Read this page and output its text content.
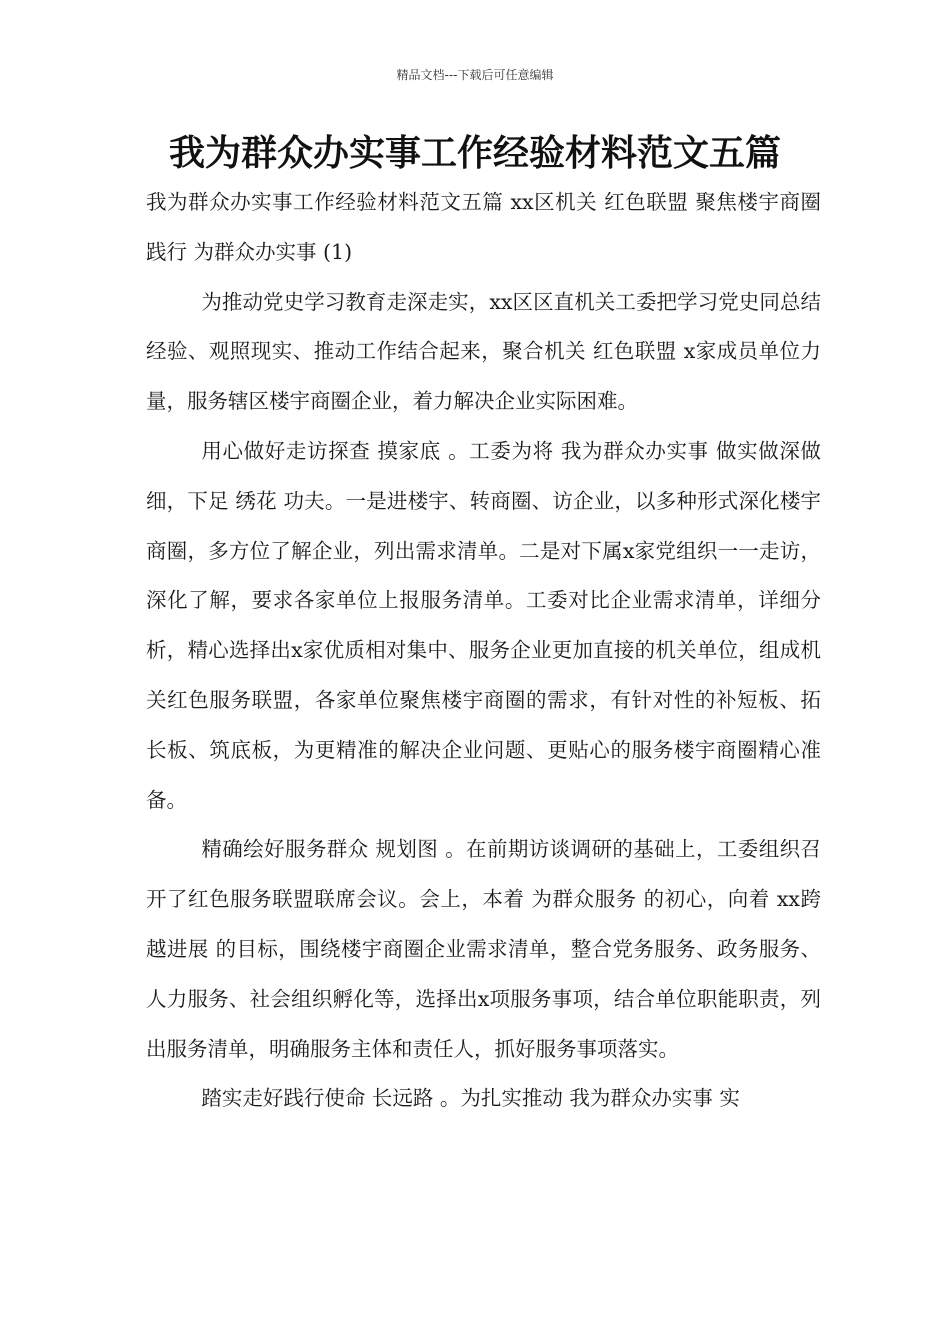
精品文档---下载后可任意编辑
我为群众办实事工作经验材料范文五篇

我为群众办实事工作经验材料范文五篇 xx区机关 红色联盟 聚焦楼宇商圈践行 为群众办实事 (1)

为推动党史学习教育走深走实，xx区区直机关工委把学习党史同总结经验、观照现实、推动工作结合起来，聚合机关 红色联盟 x家成员单位力量，服务辖区楼宇商圈企业，着力解决企业实际困难。

用心做好走访探查 摸家底 。工委为将 我为群众办实事 做实做深做细，下足 绣花 功夫。一是进楼宇、转商圈、访企业，以多种形式深化楼宇商圈，多方位了解企业，列出需求清单。二是对下属x家党组织一一走访，深化了解，要求各家单位上报服务清单。工委对比企业需求清单，详细分析，精心选择出x家优质相对集中、服务企业更加直接的机关单位，组成机关红色服务联盟，各家单位聚焦楼宇商圈的需求，有针对性的补短板、拓长板、筑底板，为更精准的解决企业问题、更贴心的服务楼宇商圈精心准备。

精确绘好服务群众 规划图 。在前期访谈调研的基础上，工委组织召开了红色服务联盟联席会议。会上，本着 为群众服务 的初心，向着 xx跨越进展 的目标，围绕楼宇商圈企业需求清单，整合党务服务、政务服务、人力服务、社会组织孵化等，选择出x项服务事项，结合单位职能职责，列出服务清单，明确服务主体和责任人，抓好服务事项落实。

踏实走好践行使命 长远路 。为扎实推动 我为群众办实事 实
